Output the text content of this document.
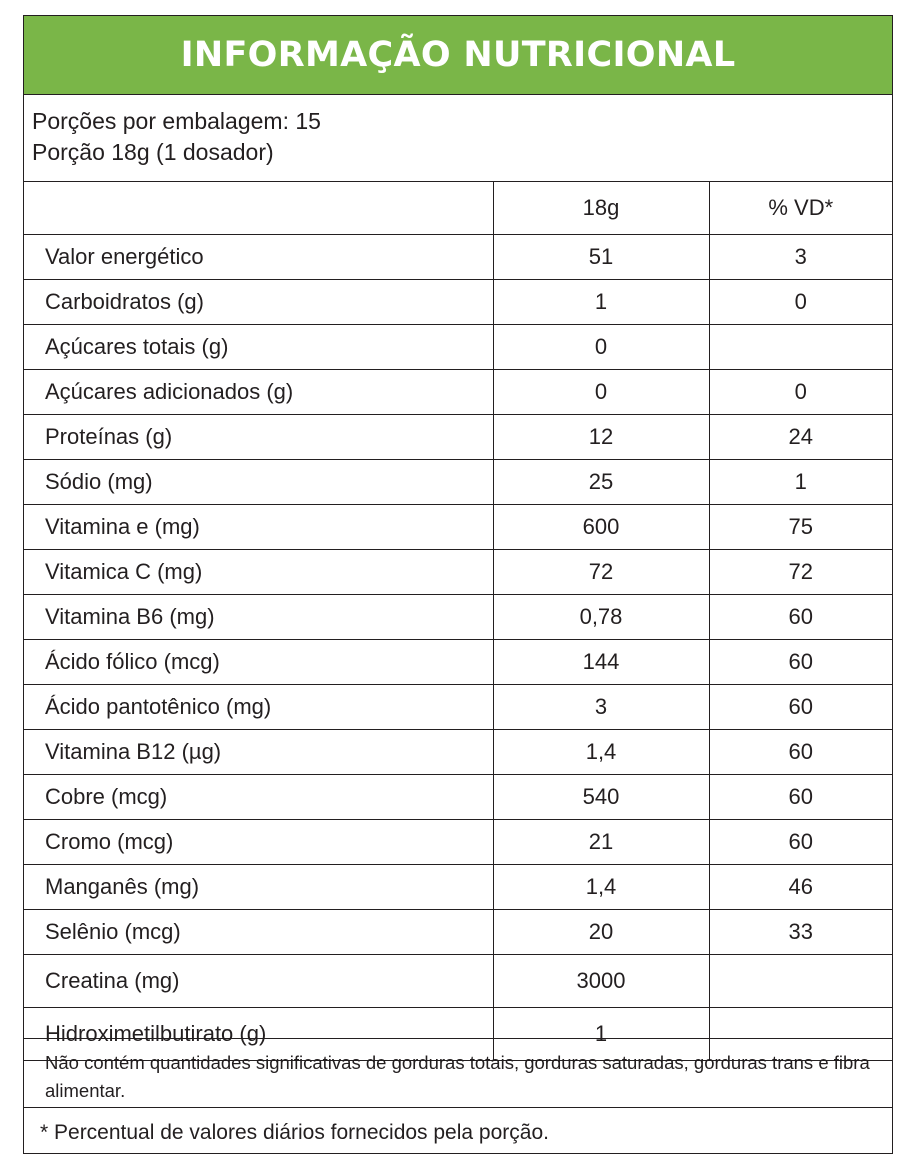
INFORMAÇÃO NUTRICIONAL
Porções por embalagem: 15
Porção 18g (1 dosador)
	18g	% VD*
Valor energético	51	3
Carboidratos (g)	1	0
Açúcares totais (g)	0	
Açúcares adicionados (g)	0	0
Proteínas (g)	12	24
Sódio (mg)	25	1
Vitamina e (mg)	600	75
Vitamica C (mg)	72	72
Vitamina B6 (mg)	0,78	60
Ácido fólico (mcg)	144	60
Ácido pantotênico (mg)	3	60
Vitamina B12 (µg)	1,4	60
Cobre (mcg)	540	60
Cromo (mcg)	21	60
Manganês (mg)	1,4	46
Selênio (mcg)	20	33
Creatina (mg)	3000	
Hidroximetilbutirato (g)	1	
Não contém quantidades significativas de gorduras totais, gorduras saturadas, gorduras trans e fibra alimentar.
* Percentual de valores diários fornecidos pela porção.
